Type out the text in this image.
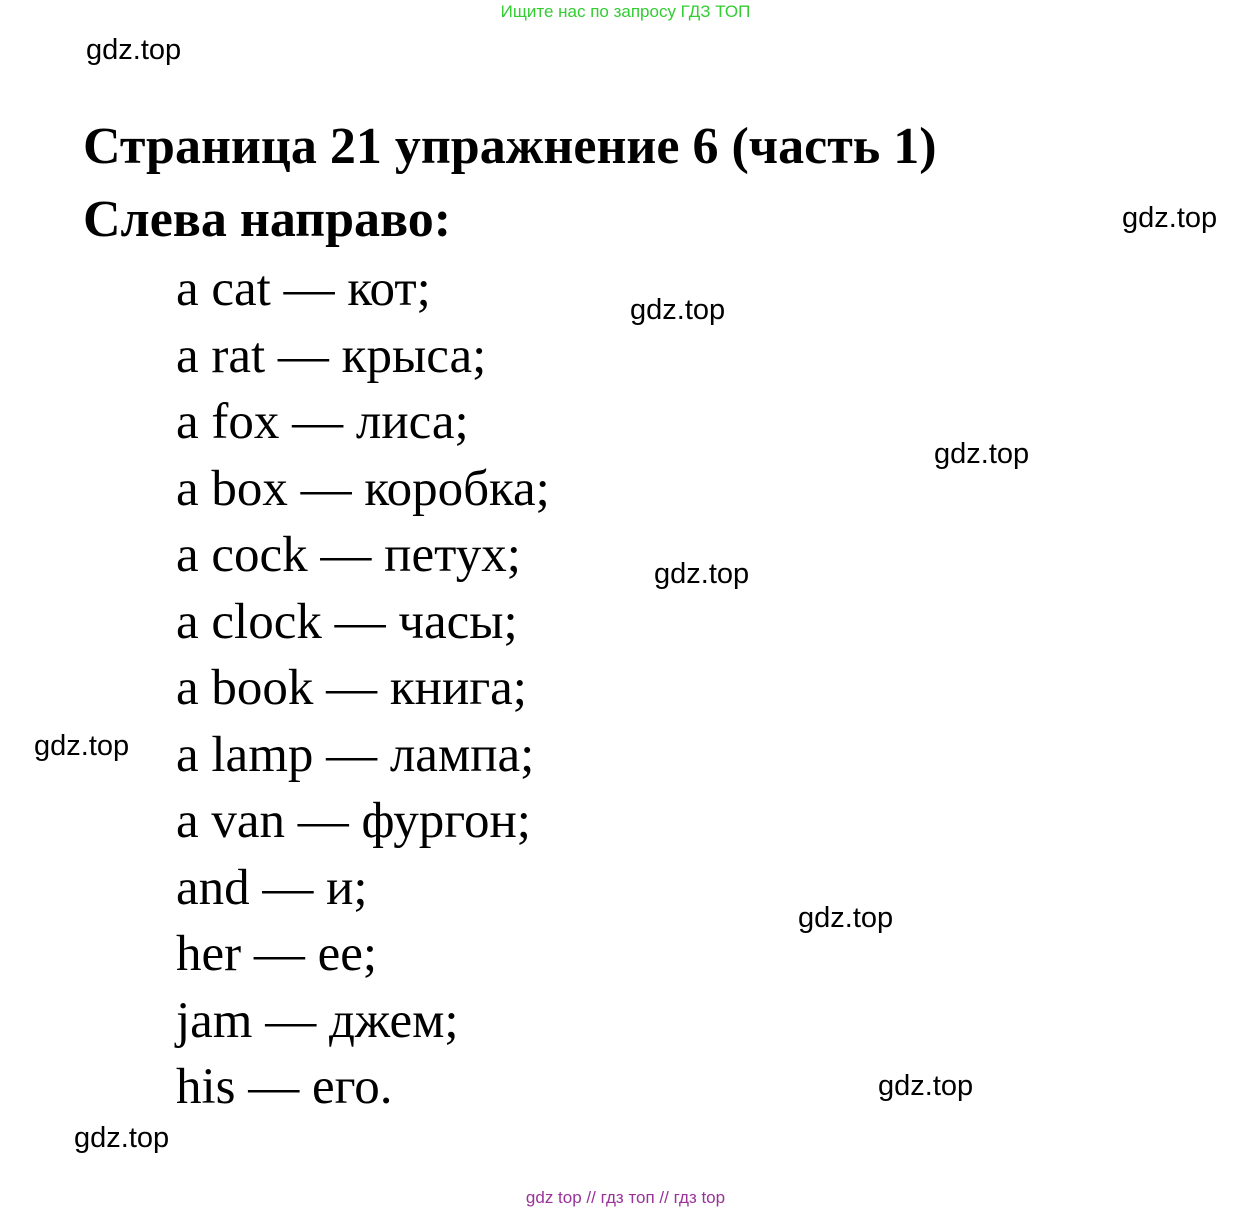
Ищите нас по запросу ГДЗ ТОП
gdz.top
Страница 21 упражнение 6 (часть 1)
Слева направо:	gdz.top
gdz.top
gdz.top
gdz.top
gdz.top
gdz.top
gdz.top
gdz.top
a cat — кот;
a rat — крыса;
a fox — лиса;
a box — коробка;
a cock — петух;
a clock — часы;
a book — книга;
a lamp — лампа;
a van — фургон;
and — и;
her — ее;
jam — джем;
his — его.
gdz top // гдз топ // гдз top
